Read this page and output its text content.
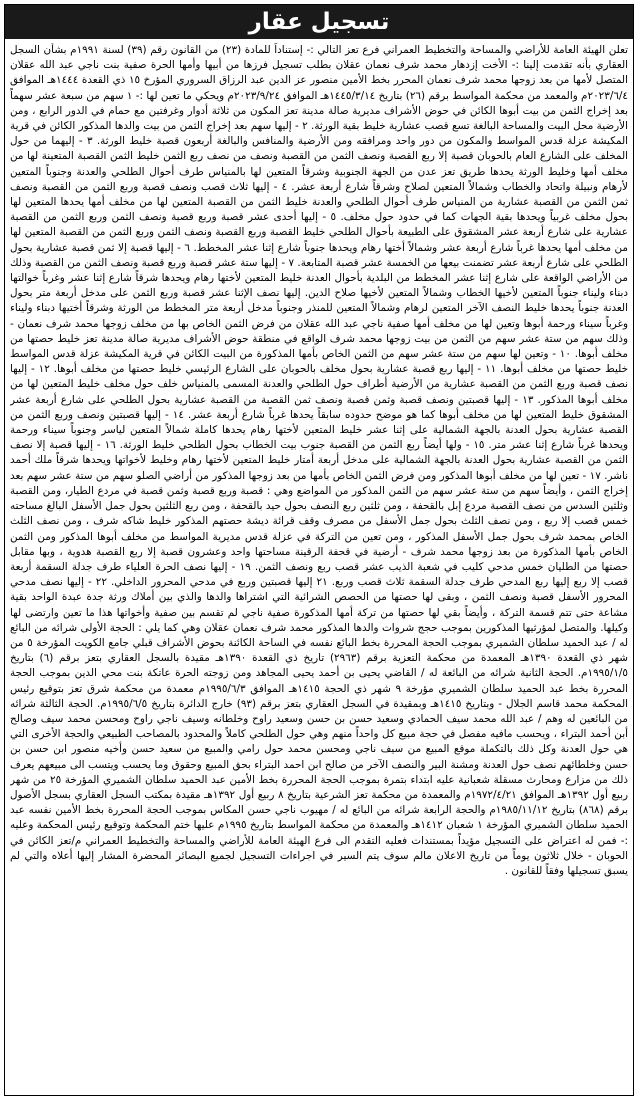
تسجيل عقار

تعلن الهيئة العامة للأراضي والمساحة والتخطيط العمراني فرع تعز التالي :- إستناداً للمادة (٢٣) من القانون رقم (٣٩) لسنة ١٩٩١م بشأن السجل العقاري بأنه تقدمت إلينا :- الأخت إزدهار محمد شرف نعمان عقلان بطلب تسجيل فرزها من أبيها وأمها الحرة صفية بنت ناجي عبد الله عقلان المتصل لأمها من بعد زوجها محمد شرف نعمان المحرر بخط الأمين منصور عز الدين عبد الرزاق السروري المؤرخ ١٥ ذي القعدة ١٤٤٤هـ الموافق ٢٠٢٣/٦/٤م والمعمد من محكمة المواسط برقم (٢٦) بتاريخ ١٤٤٥/٣/١٤هـ الموافق ٢٠٢٣/٩/٢٤م ويحكي ما تعين لها :- ١ سهم من سبعة عشر سهماً بعد إخراج الثمن من بيت أبوها الكائن في حوض الأشراف مديرية صالة مدينة تعز المكون من ثلاثة أدوار وغرفتين مع حمام في الدور الرابع ، ومن الأرضية محل البيت والمساحة البالغة تسع قصب عشارية خليط بقية الورثة. ٢ - إليها سهم بعد إخراج الثمن من بيت والدها المذكور الكائن في قرية المكيشة عزلة قدس المواسط والمكون من دور واحد ومرافقه ومن الأرضية والمنافس والبالغة أربعون قصبة خليط الورثة. ٣ - إليهما من حول المخلف على الشارع العام بالحوبان قصبة إلا ربع القصبة ونصف الثمن من القصبة ونصف من نصف ربع الثمن خليط الثمن القصبة المتعينة لها من مخلف أمها وخليط الورثة يحدها طريق تعز عدن من الجهة الجنوبية وشرقاً المتعين لها بالمنياس طرف أحوال الطلحي والعدنة وجنوباً المتعين لأرهام ونبيلة واتحاد والخطاب وشمالاً المتعين لصلاح وشرقاً شارع أربعة عشر. ٤ - إليها ثلاث قصب ونصف قصبة وربع الثمن من القصبة ونصف ثمن الثمن من القصبة عشارية من المنياس طرف أحوال الطلحي والعدنة خليط الثمن من القصبة المتعين لها من مخلف أمها يحدها المتعين لها بحول مخلف غربياً ويحدها بقية الجهات كما في حدود حول مخلف. ٥ - إليها أحدى عشر قصبة وربع قصبة ونصف الثمن وربع الثمن من القصبة عشارية على شارع أربعة عشر المشقوق على الطبيعة بأحوال الطلحي خليط القصبة وربع القصبة ونصف الثمن وربع الثمن من القصبة المتعين لها من مخلف أمها يحدها غرباً شارع أربعة عشر وشمالاً أختها رهام ويحدها جنوباً شارع إثنا عشر المخطط. ٦ - إليها قصبة إلا ثمن قصبة عشارية بحول الطلحي على شارع أربعة عشر تضمنت بيعها من الخمسة عشر قصبة المتابعة. ٧ - إليها ستة عشر قصبة وربع قصبة ونصف الثمن من القصبة وذلك من الأراضي الواقعة على شارع إثنا عشر المخطط من البلدية بأحوال العدنة خليط المتعين لأختها رهام ويحدها شرقاً شارع إثنا عشر وغرباً خوالتها دبناء وليناء جنوباً المتعين لأخيها الخطاب وشمالاً المتعين لأخيها صلاح الدين. إليها نصف الإثنا عشر قصبة وربع الثمن على مدخل أربعة متر بحول العدنة جنوباً يحدها خليط النصف الآخر المتعين لرهام وشمالاً المتعين للمنذر وجنوباً مدخل أربعة متر المخطط من الورثة وشرقاً أختيها دبناء وليناء وغرباً سيناء ورحمة أبوها وتعين لها من مخلف أمها صفية ناجي عبد الله عقلان من فرض الثمن الخاص بها من مخلف زوجها محمد شرف نعمان - وذلك سهم من ستة عشر سهم من الثمن من بيت زوجها محمد شرف الواقع في منطقة حوض الأشراف مديرية صالة مدينة تعز خليط حصتها من مخلف أبوها. ١٠ - وتعين لها سهم من ستة عشر سهم من الثمن الخاص بأمها المذكورة من البيت الكائن في قرية المكيشة عزلة قدس المواسط خليط حصتها من مخلف أبوها. ١١ - إليها ربع قصبة عشارية بحول مخلف بالحوبان على الشارع الرئيسي خليط حصتها من مخلف أبوها. ١٢ - إليها نصف قصبة وربع الثمن من القصبة عشارية من الأرضية أطراف حول الطلحي والعدنة المسمى بالمنياس خلف حول مخلف خليط المتعين لها من مخلف أبوها المذكور. ١٣ - إليها قصبتين ونصف قصبة وثمن قصبة ونصف ثمن القصبة من القصبة عشارية بحول الطلحي على شارع أربعة عشر المشقوق خليط المتعين لها من مخلف أبوها كما هو موضح حدوده سابقاً يحدها غرباً شارع أربعة عشر. ١٤ - إليها قصبتين ونصف وربع الثمن من القصبة عشارية بحول العدنة بالجهة الشمالية على إثنا عشر خليط المتعين لأختها رهام يحدها كاملة شمالاً المتعين لياسر وجنوباً سيناء ورحمة ويحدها غرباً شارع إثنا عشر متر. ١٥ - ولها أيضاً ربع الثمن من القصبة جنوب بيت الخطاب بحول الطلحي خليط الورثة. ١٦ - إليها قصبة إلا نصف الثمن من القصبة عشارية بحول العدنة بالجهة الشمالية على مدخل أربعة أمتار خليط المتعين لأختها رهام وخليط لأخواتها ويحدها شرقاً ملك أحمد ناشر. ١٧ - تعين لها من مخلف أبوها المذكور ومن فرض الثمن الخاص بأمها من بعد زوجها المذكور من أراضي الصلو سهم من ستة عشر سهم بعد إخراج الثمن ، وأيضاً سهم من ستة عشر سهم من الثمن المذكور من المواضع وهي : قصبة وربع قصبة وثمن قصبة في مردع الطيار، ومن القصبة وثلثين السدس من نصف القصبة مردع إبل بالقحفة ، ومن ثلثين ربع النصف بحول حيد بالقحفة ، ومن ربع الثلثين بحول جمل الأسفل البالغ مساحته خمس قصب إلا ربع ، ومن نصف الثلث بحول جمل الأسفل من مصرف وقف قرائة ديشة حصتهم المذكور خليط شاكه شرف ، ومن نصف الثلث الخاص بمحمد شرف بحول جمل الأسفل المذكور ، ومن تعين من التركة في عزلة قدس مديرية المواسط من مخلف أبوها المذكور ومن الثمن الخاص بأمها المذكورة من بعد زوجها محمد شرف - أرضية في قحفة الرقينة مساحتها واحد وعشرون قصبة إلا ربع القصبة هدوية ، وبها مقابل حصتها من الطليان خمس مدحي كليب في شعبة الذيب عشر قصب ربع ونصف الثمن. ١٩ - إليها نصف الحرة العلياء طرف جدلة السقمة أربعة قصب إلا ربع إليها ربع المدحي طرف جدلة السقمة ثلاث قصب وربع. ٢١ إليها قصبتين وربع في مدحي المحرور الداخلي. ٢٢ - إليها نصف مدحي المحرور الأسفل قصبة ونصف الثمن ، وبقى لها حصتها من الحصص الشرائية التي اشتراها والدها والذي بين أملاك ورثة جدة عبدة الواحد بقية مشاعة حتى تتم قسمة التركة ، وأيضاً بقي لها حصتها من تركة أمها المذكورة صفية ناجي لم تقسم بين صفية وأخواتها هذا ما تعين وارتضى لها وكيلها. والمتصل لمؤرثيها المذكورين بموجب حجج شروات والدها المذكور محمد شرف نعمان عقلان وهي كما يلي : الحجة الأولى شرائه من البائع له / عبد الحميد سلطان الشميري بموجب الحجة المحررة بخط البائع نفسه في الساحة الكائنة بحوض الأشراف قبلي جامع الكويت المؤرخة ٥ من شهر ذي القعدة ١٣٩٠هـ المعمدة من محكمة التعزية برقم (٢٩٦٣) تاريخ ذي القعدة ١٣٩٠هـ مقيدة بالسجل العقاري بتعز برقم (٦) بتاريخ ١٩٩٥/١/٥م. الحجة الثانية شرائه من البائعة له / القاضي يحيى بن أحمد يحيى المجاهد ومن زوجته الحرة عاتكة بنت محي الدين بموجب الحجة المحررة بخط عبد الحميد سلطان الشميري مؤرخة ٩ شهر ذي الحجة ١٤١٥هـ الموافق ١٩٩٥/٦/٣م معمدة من محكمة شرق تعز بتوقيع رئيس المحكمة محمد قاسم الجلال - وبتاريخ ١٤١٥هـ وبمقيدة في السجل العقاري بتعز برقم (٩٣) خارج الدائرة بتاريخ ١٩٩٥/٦/٥م. الحجة الثالثة شرائه من البائعين له وهم / عبد الله محمد سيف الحمادي وسعيد حسن بن حسن وسعيد راوح وخلطانه وسيف ناجي راوح ومحسن محمد سيف وصالح أبن أحمد البتراء ، ويحسب مافيه مفصل في حجة مبيع كل واحداً منهم وهي حول الطلحي كاملاً والمحدود بالمصاحب الطبيعي والحجة الأخرى التي هي حول العدنة وكل ذلك بالتكملة موقع المبيع من سيف ناجي ومحسن محمد حول رامي والمبيع من سعيد حسن وأخيه منصور ابن حسن بن حسن وخلطائهم نصف حول العدنة ومشنة البير والنصف الآخر من صالح ابن احمد البتراء بحق المبيع وحقوق وما يحسب ويتسب الى مبيعهم يعرف ذلك من مزارع ومحارث مسقلة شعبانية عليه ابتداء بتمرة بموجب الحجة المحررة بخط الأمين عبد الحميد سلطان الشميري المؤرخة ٢٥ من شهر ربيع أول ١٣٩٢هـ الموافق ١٩٧٢/٤/٢١م والمعمدة من محكمة تعز الشرعية بتاريخ ٨ ربيع أول ١٣٩٢هـ مقيدة بمكتب السجل العقاري بسجل الأصول برقم (٨٦٨) بتاريخ ١٩٨٥/١١/١٢م والحجة الرابعة شرائه من البائع له / مهيوب ناجي حسن المكاس بموجب الحجة المحررة بخط الأمين نفسه عبد الحميد سلطان الشميري المؤرخة ١ شعبان ١٤١٢هـ والمعمدة من محكمة المواسط بتاريخ ١٩٩٥م عليها ختم المحكمة وتوقيع رئيس المحكمة وعليه :- فمن له اعتراض على التسجيل مؤيداً بمستندات فعليه التقدم الى فرع الهيئة العامة للأراضي والمساحة والتخطيط العمراني م/تعز الكائن في الحوبان - خلال ثلاثون يوماً من تاريخ الاعلان مالم سوف يتم السير في اجراءات التسجيل لجميع البصائر المحضرة المشار إليها أعلاه والتي لم يسبق تسجيلها وفقاً للقانون .
